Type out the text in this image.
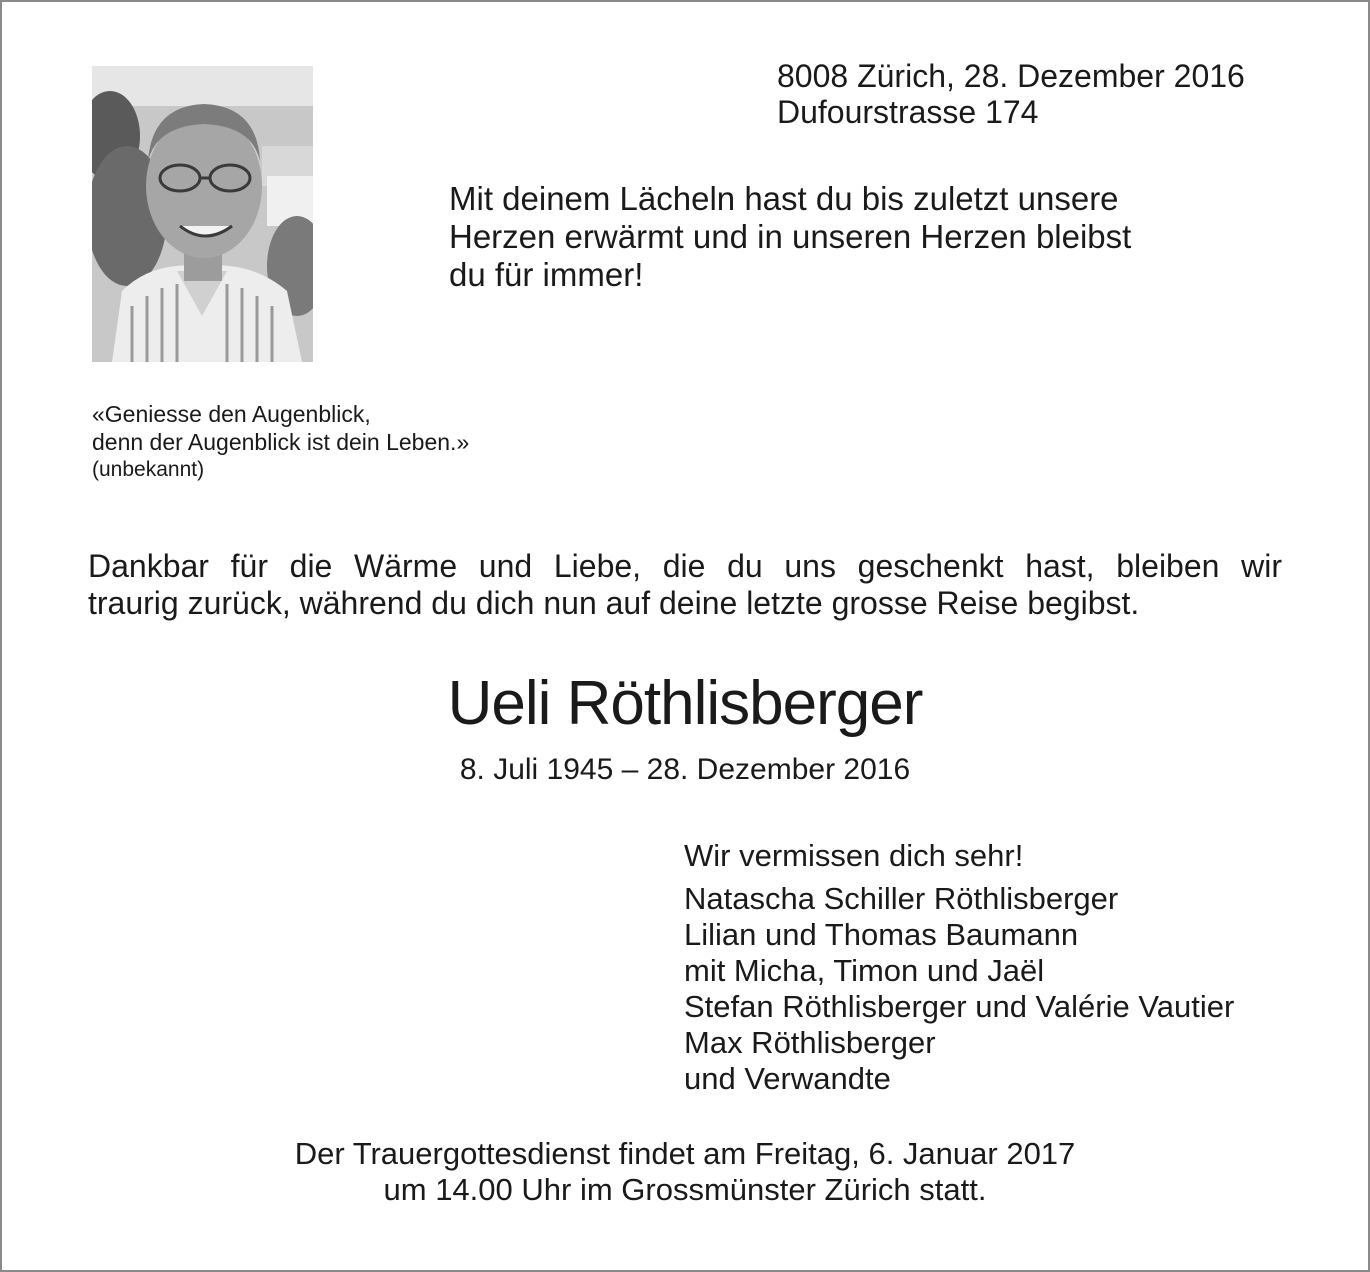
8008 Zürich, 28. Dezember 2016
Dufourstrasse 174
Mit deinem Lächeln hast du bis zuletzt unsere
Herzen erwärmt und in unseren Herzen bleibst
du für immer!
«Geniesse den Augenblick,
denn der Augenblick ist dein Leben.»
(unbekannt)
Dankbar für die Wärme und Liebe, die du uns geschenkt hast, bleiben wir
traurig zurück, während du dich nun auf deine letzte grosse Reise begibst.
Ueli Röthlisberger
8. Juli 1945 – 28. Dezember 2016
Wir vermissen dich sehr!
Natascha Schiller Röthlisberger
Lilian und Thomas Baumann
mit Micha, Timon und Jaël
Stefan Röthlisberger und Valérie Vautier
Max Röthlisberger
und Verwandte
Der Trauergottesdienst findet am Freitag, 6. Januar 2017
um 14.00 Uhr im Grossmünster Zürich statt.
